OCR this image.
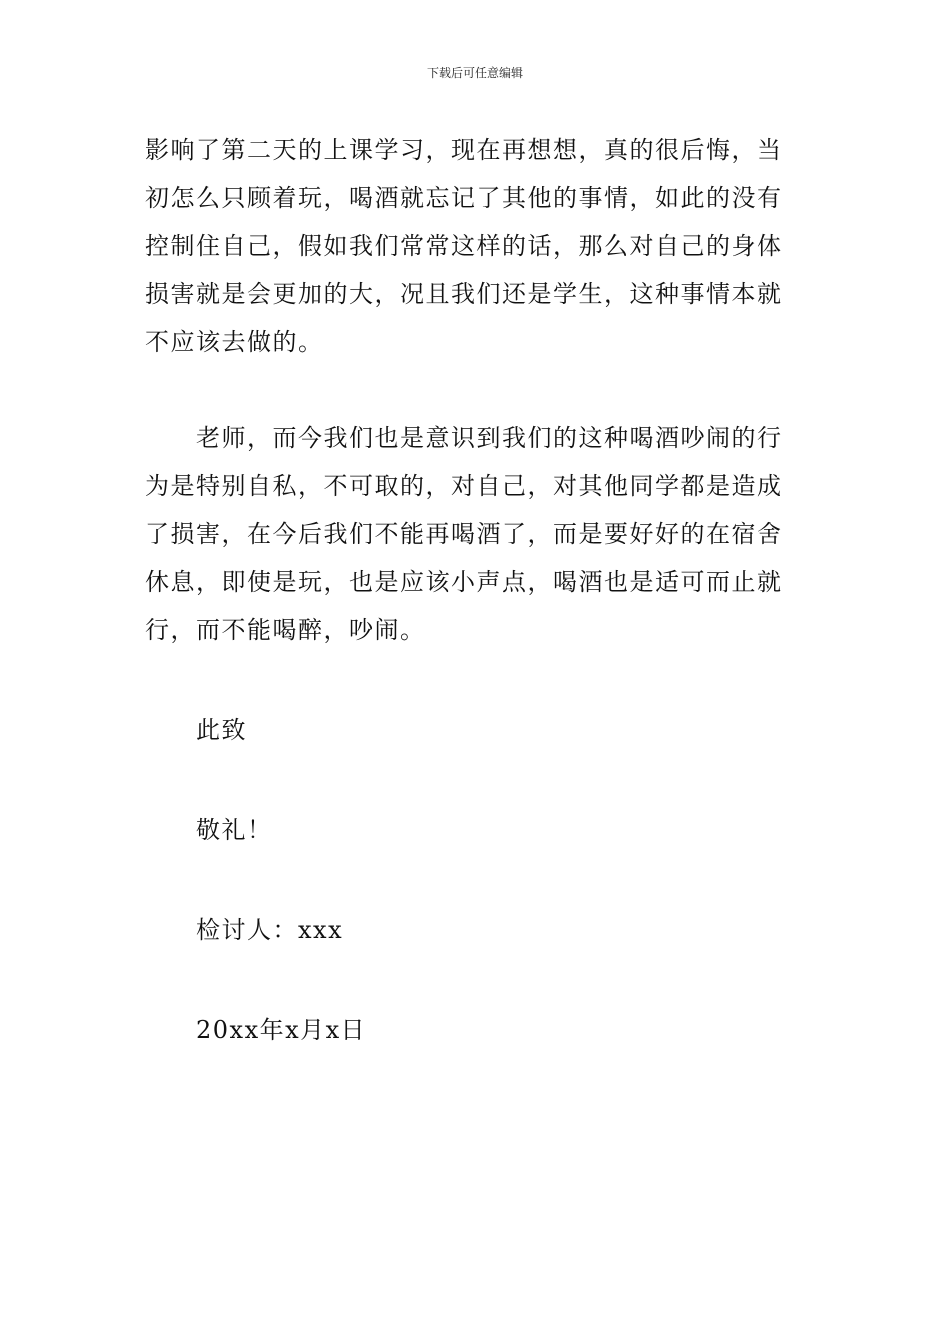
下载后可任意编辑

影响了第二天的上课学习，现在再想想，真的很后悔，当初怎么只顾着玩，喝酒就忘记了其他的事情，如此的没有控制住自己，假如我们常常这样的话，那么对自己的身体损害就是会更加的大，况且我们还是学生，这种事情本就不应该去做的。

老师，而今我们也是意识到我们的这种喝酒吵闹的行为是特别自私，不可取的，对自己，对其他同学都是造成了损害，在今后我们不能再喝酒了，而是要好好的在宿舍休息，即使是玩，也是应该小声点，喝酒也是适可而止就行，而不能喝醉，吵闹。

此致

敬礼！

检讨人：xxx

20xx年x月x日
